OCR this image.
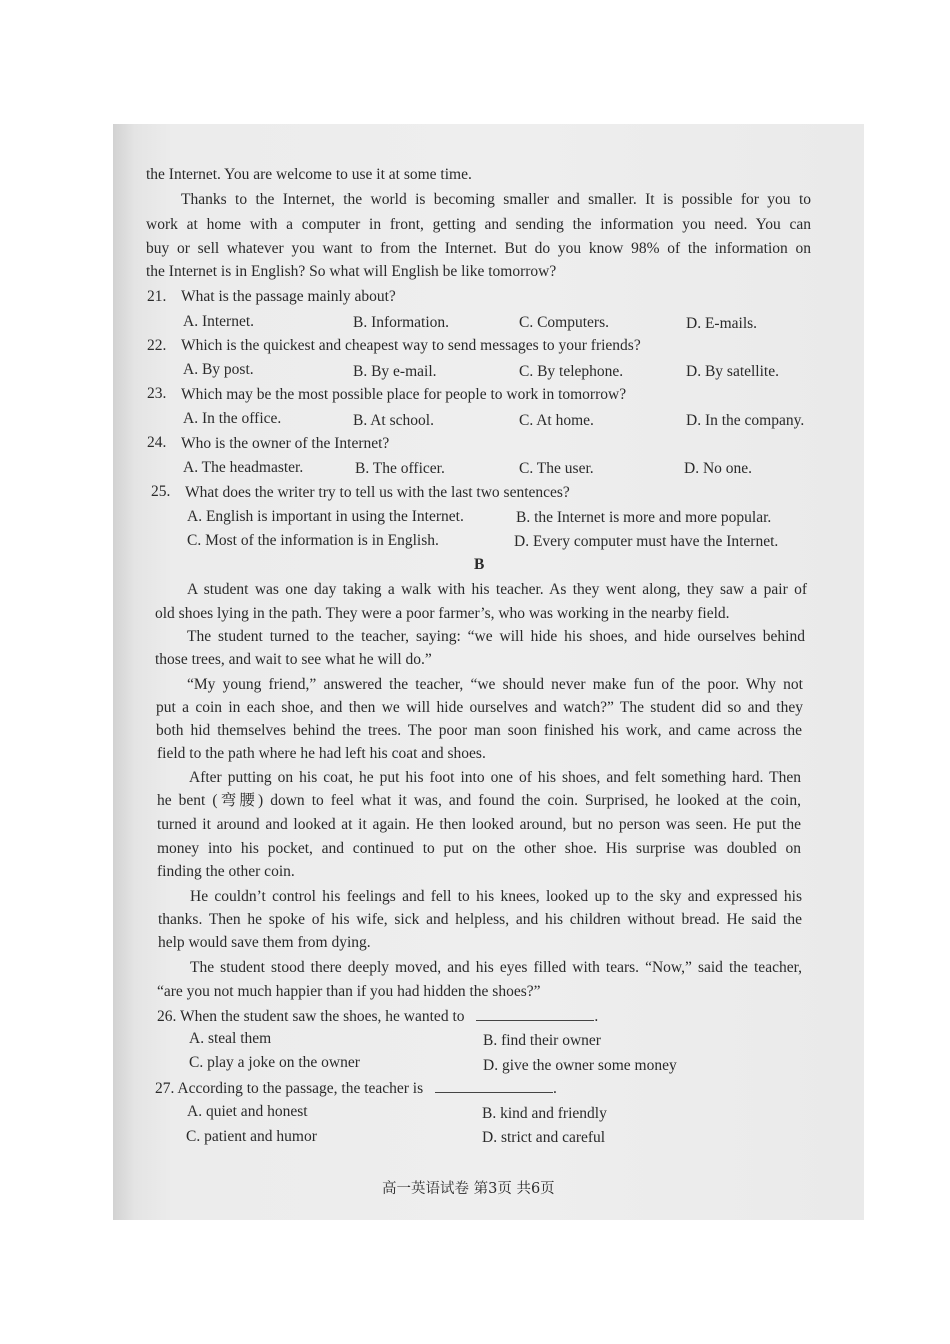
the Internet. You are welcome to use it at some time.
Thanks to the Internet, the world is becoming smaller and smaller. It is possible for you to
work at home with a computer in front, getting and sending the information you need. You can
buy or sell whatever you want to from the Internet. But do you know 98% of the information on
the Internet is in English? So what will English be like tomorrow?
21. What is the passage mainly about?
A. Internet.	B. Information.	C. Computers.	D. E-mails.
22. Which is the quickest and cheapest way to send messages to your friends?
A. By post.	B. By e-mail.	C. By telephone.	D. By satellite.
23. Which may be the most possible place for people to work in tomorrow?
A. In the office.	B. At school.	C. At home.	D. In the company.
24. Who is the owner of the Internet?
A. The headmaster.	B. The officer.	C. The user.	D. No one.
25. What does the writer try to tell us with the last two sentences?
A. English is important in using the Internet.	B. the Internet is more and more popular.
C. Most of the information is in English.	D. Every computer must have the Internet.
B
A student was one day taking a walk with his teacher. As they went along, they saw a pair of
old shoes lying in the path. They were a poor farmer’s, who was working in the nearby field.
The student turned to the teacher, saying: “we will hide his shoes, and hide ourselves behind
those trees, and wait to see what he will do.”
“My young friend,” answered the teacher, “we should never make fun of the poor. Why not
put a coin in each shoe, and then we will hide ourselves and watch?” The student did so and they
both hid themselves behind the trees. The poor man soon finished his work, and came across the
field to the path where he had left his coat and shoes.
After putting on his coat, he put his foot into one of his shoes, and felt something hard. Then
he bent (弯腰) down to feel what it was, and found the coin. Surprised, he looked at the coin,
turned it around and looked at it again. He then looked around, but no person was seen. He put the
money into his pocket, and continued to put on the other shoe. His surprise was doubled on
finding the other coin.
He couldn’t control his feelings and fell to his knees, looked up to the sky and expressed his
thanks. Then he spoke of his wife, sick and helpless, and his children without bread. He said the
help would save them from dying.
The student stood there deeply moved, and his eyes filled with tears. “Now,” said the teacher,
“are you not much happier than if you had hidden the shoes?”
26. When the student saw the shoes, he wanted to	.
A. steal them	B. find their owner
C. play a joke on the owner	D. give the owner some money
27. According to the passage, the teacher is	.
A. quiet and honest	B. kind and friendly
C. patient and humor	D. strict and careful
高一英语试卷 第3页 共6页
